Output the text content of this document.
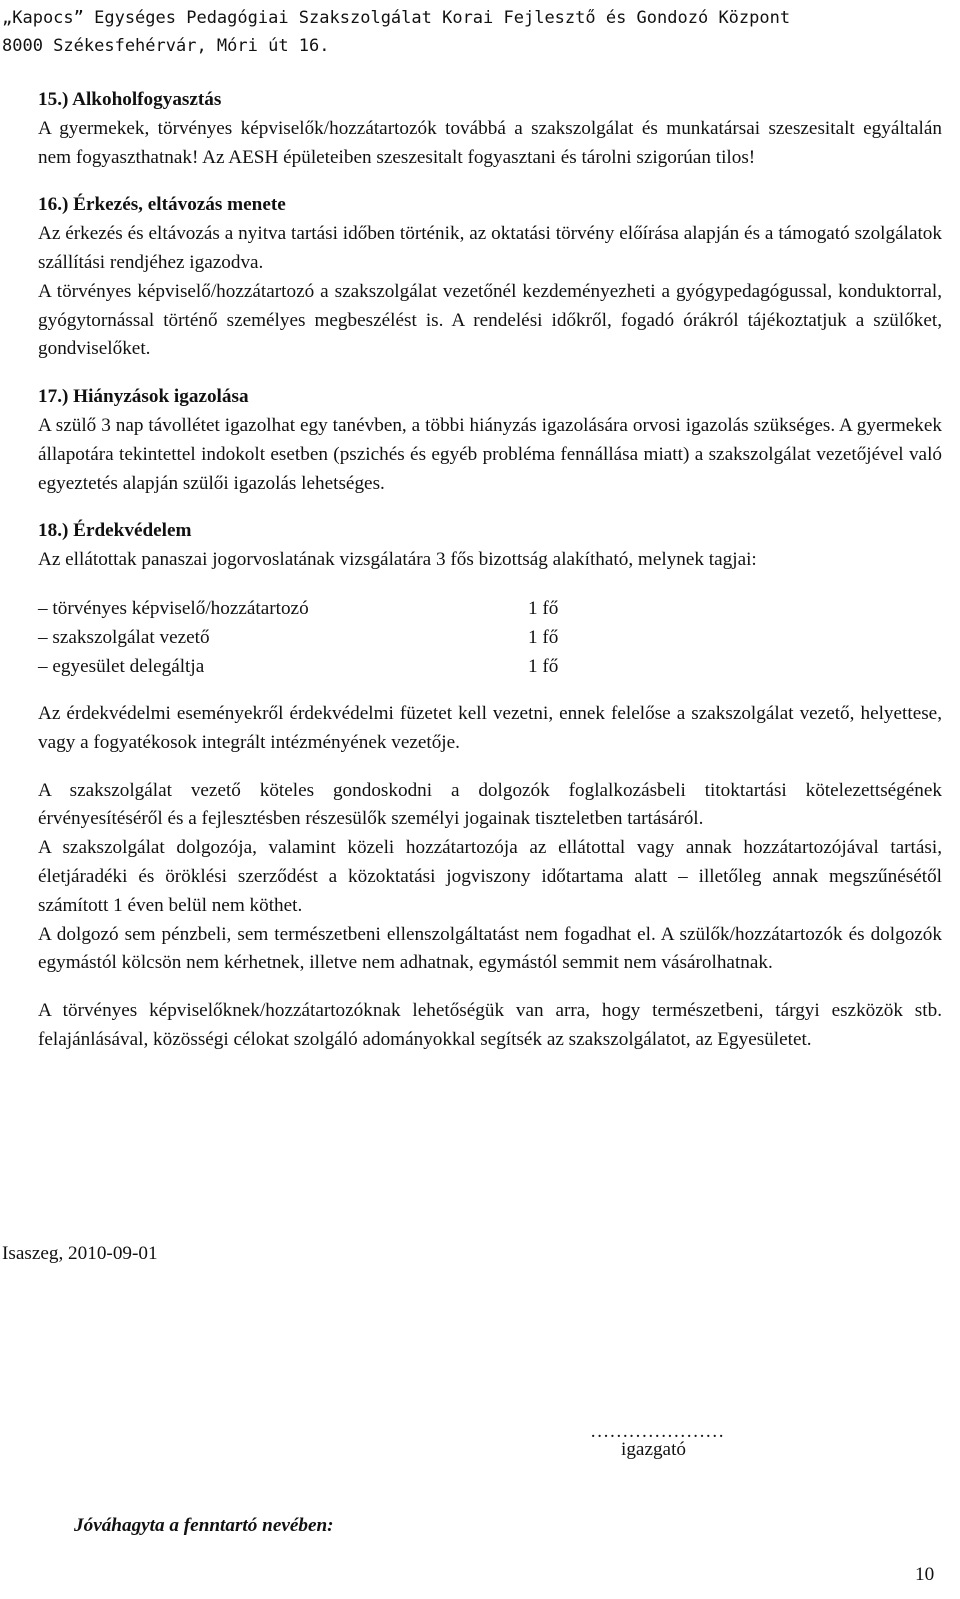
„Kapocs” Egységes Pedagógiai Szakszolgálat Korai Fejlesztő és Gondozó Központ
8000 Székesfehérvár, Móri út 16.

15.) Alkoholfogyasztás

A gyermekek, törvényes képviselők/hozzátartozók továbbá a szakszolgálat és munkatársai szeszesitalt egyáltalán nem fogyaszthatnak! Az AESH épületeiben szeszesitalt fogyasztani és tárolni szigorúan tilos!

16.) Érkezés, eltávozás menete

Az érkezés és eltávozás a nyitva tartási időben történik, az oktatási törvény előírása alapján és a támogató szolgálatok szállítási rendjéhez igazodva.

A törvényes képviselő/hozzátartozó a szakszolgálat vezetőnél kezdeményezheti a gyógypedagógussal, konduktorral, gyógytornással történő személyes megbeszélést is. A rendelési időkről, fogadó órákról tájékoztatjuk a szülőket, gondviselőket.

17.) Hiányzások igazolása

A szülő 3 nap távollétet igazolhat egy tanévben, a többi hiányzás igazolására orvosi igazolás szükséges. A gyermekek állapotára tekintettel indokolt esetben (pszichés és egyéb probléma fennállása miatt) a szakszolgálat vezetőjével való egyeztetés alapján szülői igazolás lehetséges.

18.) Érdekvédelem

Az ellátottak panaszai jogorvoslatának vizsgálatára 3 fős bizottság alakítható, melynek tagjai:

– törvényes képviselő/hozzátartozó	1 fő
– szakszolgálat vezető	1 fő
– egyesület delegáltja	1 fő

Az érdekvédelmi eseményekről érdekvédelmi füzetet kell vezetni, ennek felelőse a szakszolgálat vezető, helyettese, vagy a fogyatékosok integrált intézményének vezetője.

A szakszolgálat vezető köteles gondoskodni a dolgozók foglalkozásbeli titoktartási kötelezettségének érvényesítéséről és a fejlesztésben részesülők személyi jogainak tiszteletben tartásáról.

A szakszolgálat dolgozója, valamint közeli hozzátartozója az ellátottal vagy annak hozzátartozójával tartási, életjáradéki és öröklési szerződést a közoktatási jogviszony időtartama alatt – illetőleg annak megszűnésétől számított 1 éven belül nem köthet.

A dolgozó sem pénzbeli, sem természetbeni ellenszolgáltatást nem fogadhat el. A szülők/hozzátartozók és dolgozók egymástól kölcsön nem kérhetnek, illetve nem adhatnak, egymástól semmit nem vásárolhatnak.

A törvényes képviselőknek/hozzátartozóknak lehetőségük van arra, hogy természetbeni, tárgyi eszközök stb. felajánlásával, közösségi célokat szolgáló adományokkal segítsék az szakszolgálatot, az Egyesületet.

Isaszeg, 2010-09-01
…………………
igazgató
Jóváhagyta a fenntartó nevében:
10
